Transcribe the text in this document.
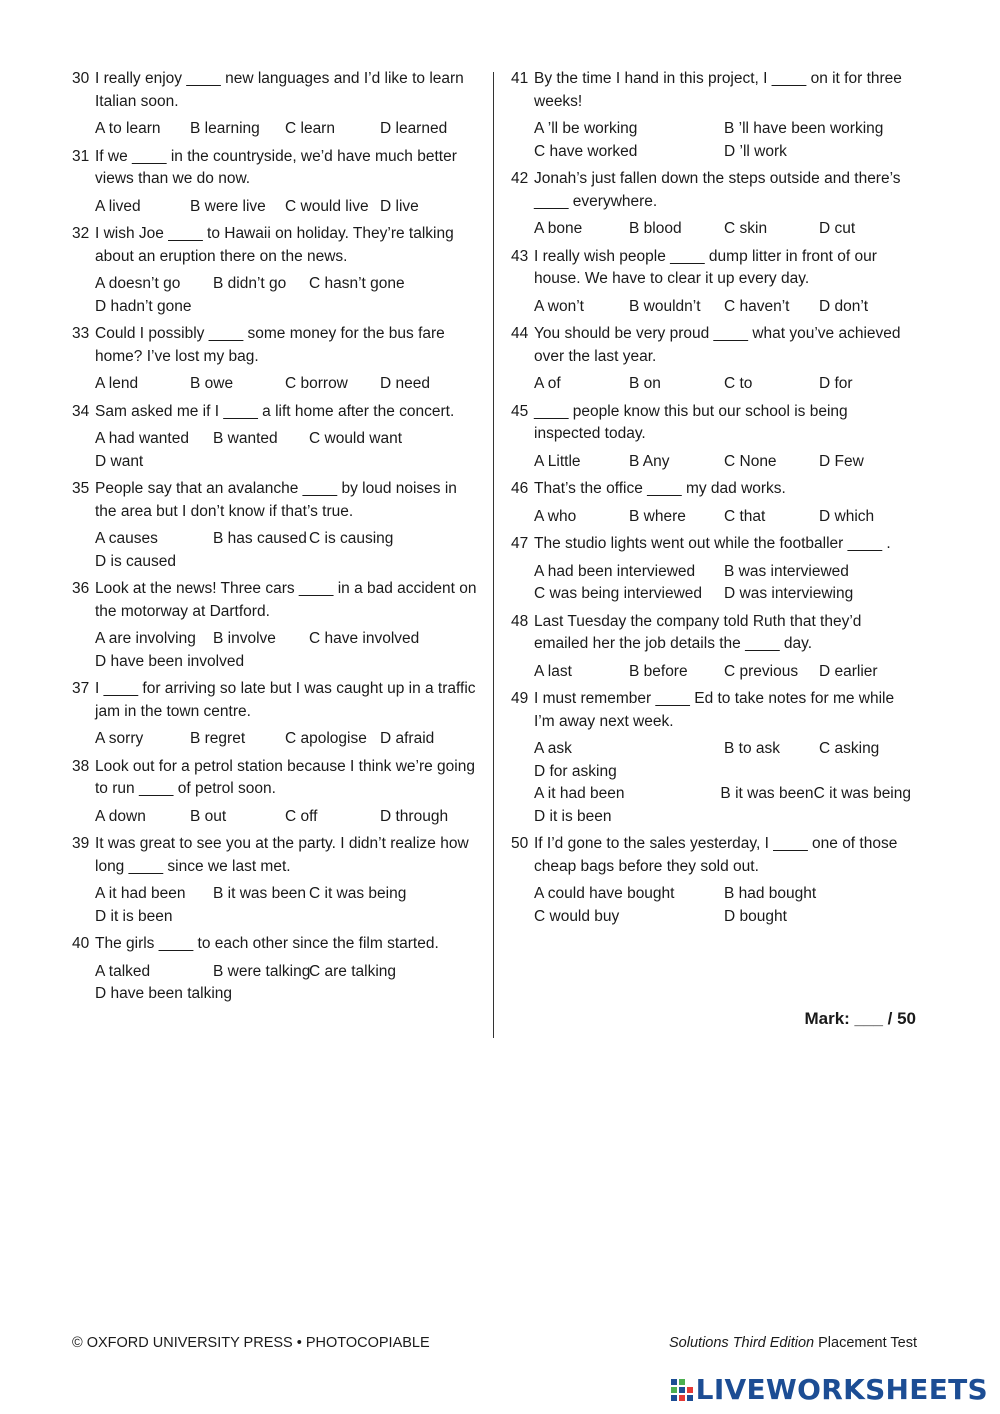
30 I really enjoy ____ new languages and I’d like to learn Italian soon.
A to learn	B learning	C learn	D learned
31 If we ____ in the countryside, we’d have much better views than we do now.
A lived	B were live	C would live D live
32 I wish Joe ____ to Hawaii on holiday. They’re talking about an eruption there on the news.
A doesn’t go	B didn’t go	C hasn’t gone
D hadn’t gone
33 Could I possibly ____ some money for the bus fare home? I’ve lost my bag.
A lend	B owe	C borrow	D need
34 Sam asked me if I ____ a lift home after the concert.
A had wanted	B wanted	C would want
D want
35 People say that an avalanche ____ by loud noises in the area but I don’t know if that’s true.
A causes	B has caused C is causing
D is caused
36 Look at the news! Three cars ____ in a bad accident on the motorway at Dartford.
A are involving	B involve	C have involved
D have been involved
37 I ____ for arriving so late but I was caught up in a traffic jam in the town centre.
A sorry	B regret	C apologise D afraid
38 Look out for a petrol station because I think we’re going to run ____ of petrol soon.
A down	B out	C off	D through
39 It was great to see you at the party. I didn’t realize how long ____ since we last met.
A it had been	B it was been C it was being
D it is been
40 The girls ____ to each other since the film started.
A talked	B were talking
C are talking
D have been talking
41 By the time I hand in this project, I ____ on it for three weeks!
A ’ll be working	B ’ll have been working
C have worked	D ’ll work
42 Jonah’s just fallen down the steps outside and there’s ____ everywhere.
A bone	B blood	C skin	D cut
43 I really wish people ____ dump litter in front of our house. We have to clear it up every day.
A won’t	B wouldn’t	C haven’t	D don’t
44 You should be very proud ____ what you’ve achieved over the last year.
A of	B on	C to	D for
45 ____ people know this but our school is being inspected today.
A Little	B Any	C None	D Few
46 That’s the office ____ my dad works.
A who	B where	C that	D which
47 The studio lights went out while the footballer ____ .
A had been interviewed	B was interviewed
C was being interviewed	D was interviewing
48 Last Tuesday the company told Ruth that they’d emailed her the job details the ____ day.
A last	B before	C previous	D earlier
49 I must remember ____ Ed to take notes for me while I’m away next week.
A ask	B to ask	C asking
D for asking
A it had been	B it was been C it was being
D it is been
50 If I’d gone to the sales yesterday, I ____ one of those cheap bags before they sold out.
A could have bought	B had bought
C would buy	D bought
Mark: ___ / 50
© OXFORD UNIVERSITY PRESS • PHOTOCOPIABLE	Solutions Third Edition Placement Test
LIVEWORKSHEETS
